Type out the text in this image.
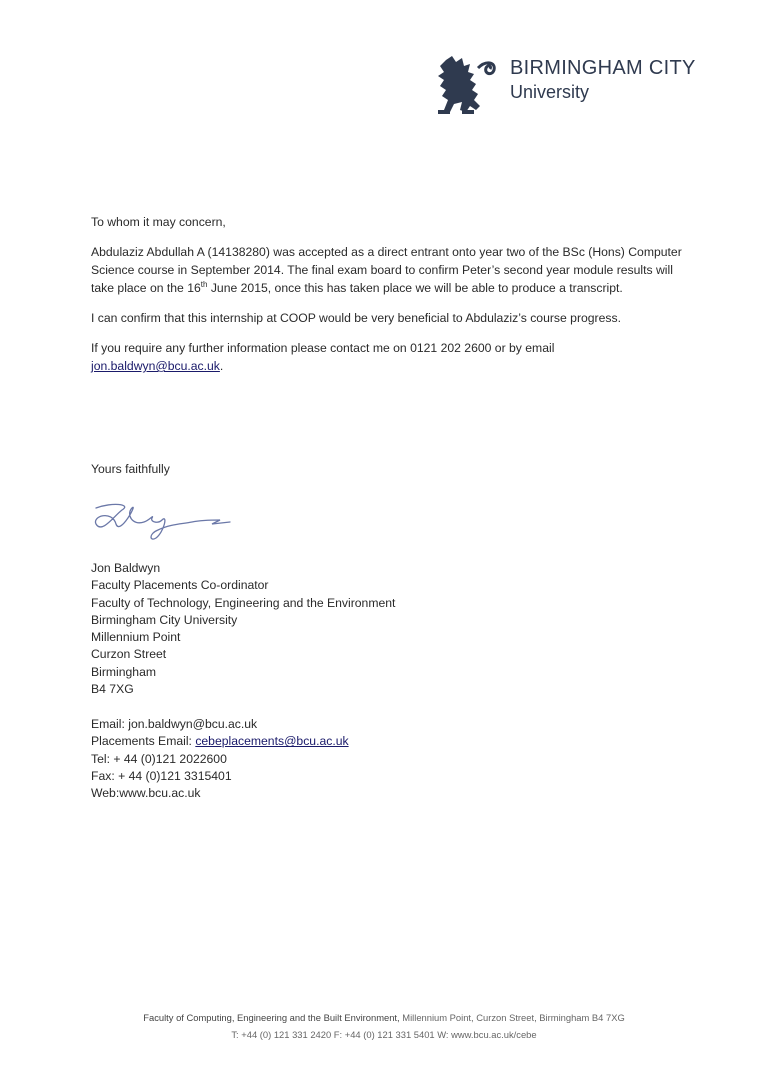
BIRMINGHAM CITY
University

To whom it may concern,

Abdulaziz Abdullah A (14138280) was accepted as a direct entrant onto year two of the BSc (Hons) Computer Science course in September 2014. The final exam board to confirm Peter’s second year module results will take place on the 16th June 2015, once this has taken place we will be able to produce a transcript.

I can confirm that this internship at COOP would be very beneficial to Abdulaziz’s course progress.

If you require any further information please contact me on 0121 202 2600 or by email
jon.baldwyn@bcu.ac.uk.

Yours faithfully
Jon Baldwyn
Faculty Placements Co-ordinator
Faculty of Technology, Engineering and the Environment
Birmingham City University
Millennium Point
Curzon Street
Birmingham
B4 7XG
Email: jon.baldwyn@bcu.ac.uk
Placements Email: cebeplacements@bcu.ac.uk
Tel: + 44 (0)121 2022600
Fax: + 44 (0)121 3315401
Web:www.bcu.ac.uk
Faculty of Computing, Engineering and the Built Environment, Millennium Point, Curzon Street, Birmingham B4 7XG
T: +44 (0) 121 331 2420 F: +44 (0) 121 331 5401 W: www.bcu.ac.uk/cebe
